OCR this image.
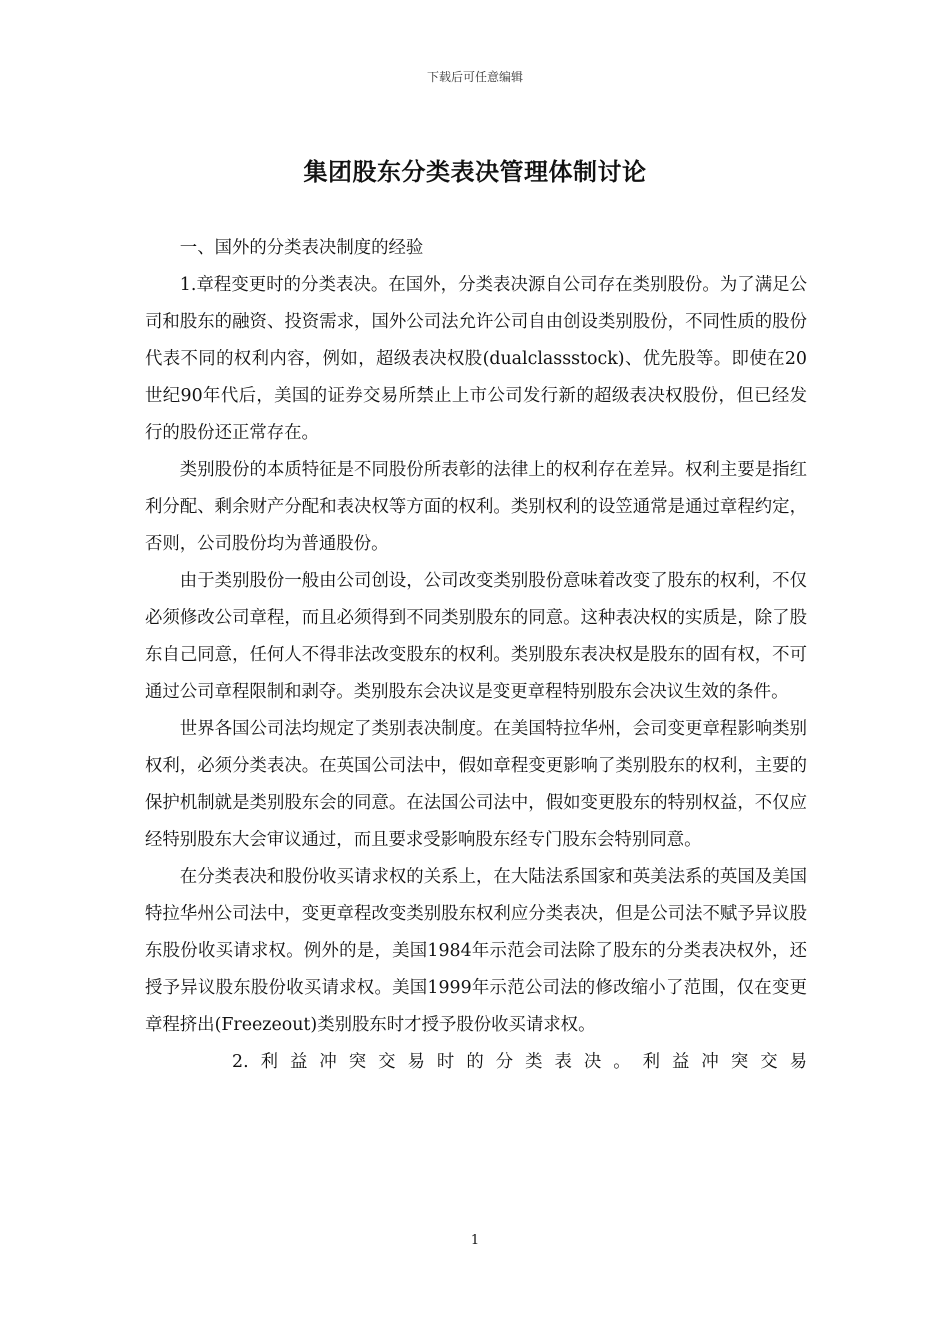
下载后可任意编辑
集团股东分类表决管理体制讨论

一、国外的分类表决制度的经验

1.章程变更时的分类表决。在国外，分类表决源自公司存在类别股份。为了满足公司和股东的融资、投资需求，国外公司法允许公司自由创设类别股份，不同性质的股份代表不同的权利内容，例如，超级表决权股(dualclassstock)、优先股等。即使在20世纪90年代后，美国的证券交易所禁止上市公司发行新的超级表决权股份，但已经发行的股份还正常存在。

类别股份的本质特征是不同股份所表彰的法律上的权利存在差异。权利主要是指红利分配、剩余财产分配和表决权等方面的权利。类别权利的设笠通常是通过章程约定，否则，公司股份均为普通股份。

由于类别股份一般由公司创设，公司改变类别股份意味着改变了股东的权利，不仅必须修改公司章程，而且必须得到不同类别股东的同意。这种表决权的实质是，除了股东自己同意，任何人不得非法改变股东的权利。类别股东表决权是股东的固有权，不可通过公司章程限制和剥夺。类别股东会决议是变更章程特别股东会决议生效的条件。

世界各国公司法均规定了类别表决制度。在美国特拉华州，会司变更章程影响类别权利，必须分类表决。在英国公司法中，假如章程变更影响了类别股东的权利，主要的保护机制就是类别股东会的同意。在法国公司法中，假如变更股东的特别权益，不仅应经特别股东大会审议通过，而且要求受影响股东经专门股东会特别同意。

在分类表决和股份收买请求权的关系上，在大陆法系国家和英美法系的英国及美国特拉华州公司法中，变更章程改变类别股东权利应分类表决，但是公司法不赋予异议股东股份收买请求权。例外的是，美国1984年示范会司法除了股东的分类表决权外，还授予异议股东股份收买请求权。美国1999年示范公司法的修改缩小了范围，仅在变更章程挤出(Freezeout)类别股东时才授予股份收买请求权。

2.利益冲突交易时的分类表决。利益冲突交易

1
